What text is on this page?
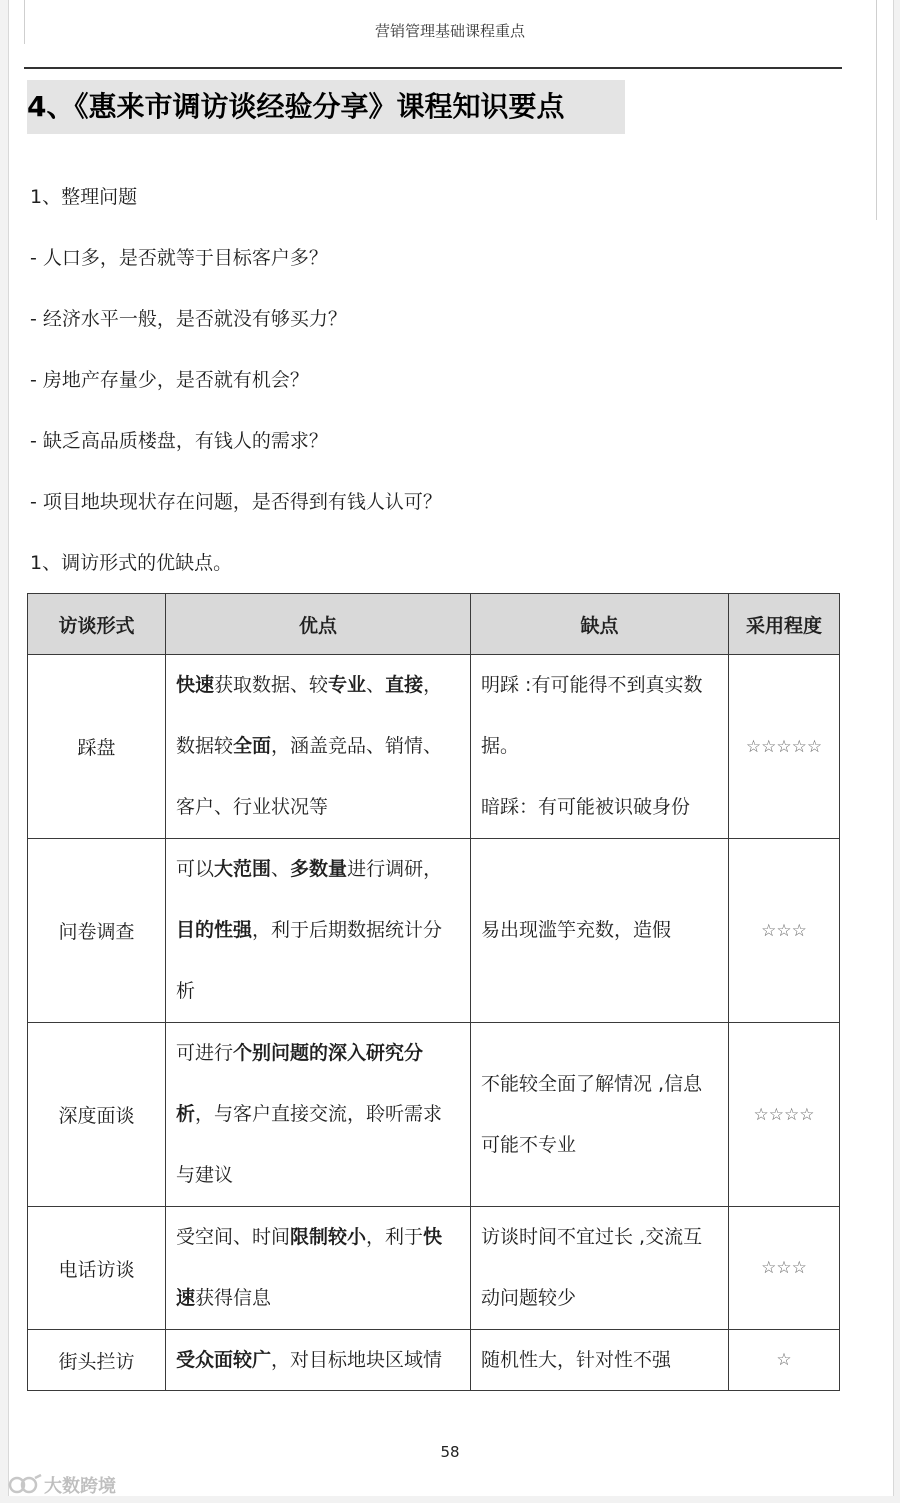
营销管理基础课程重点
4、《惠来市调访谈经验分享》课程知识要点
1、整理问题
- 人口多，是否就等于目标客户多？
- 经济水平一般，是否就没有够买力？
- 房地产存量少，是否就有机会？
- 缺乏高品质楼盘，有钱人的需求？
- 项目地块现状存在问题，是否得到有钱人认可？
1、调访形式的优缺点。
访谈形式	优点	缺点	采用程度
踩盘	快速获取数据、较专业、直接，数据较全面，涵盖竞品、销情、客户、行业状况等	明踩 :有可能得不到真实数据。
暗踩：有可能被识破身份	☆☆☆☆☆
问卷调查	可以大范围、多数量进行调研，目的性强，利于后期数据统计分析	易出现滥竽充数，造假	☆☆☆
深度面谈	可进行个别问题的深入研究分析，与客户直接交流，聆听需求与建议	不能较全面了解情况 ,信息可能不专业	☆☆☆☆
电话访谈	受空间、时间限制较小，利于快速获得信息	访谈时间不宜过长 ,交流互动问题较少	☆☆☆
街头拦访	受众面较广，对目标地块区域情	随机性大，针对性不强	☆
58
大数跨境
